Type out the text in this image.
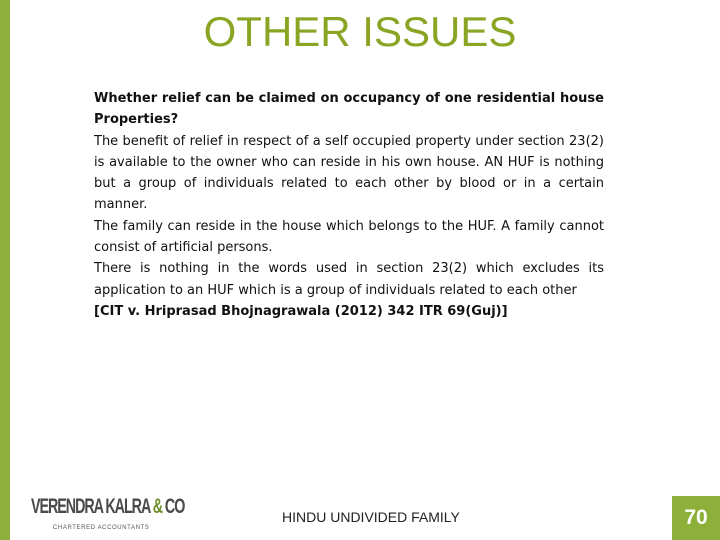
OTHER ISSUES

Whether relief can be claimed on occupancy of one residential house Properties?

The benefit of relief in respect of a self occupied property under section 23(2) is available to the owner who can reside in his own house. AN HUF is nothing but a group of individuals related to each other by blood or in a certain manner.

The family can reside in the house which belongs to the HUF. A family cannot consist of artificial persons.

There is nothing in the words used in section 23(2) which excludes its application to an HUF which is a group of individuals related to each other

[CIT v. Hriprasad Bhojnagrawala (2012) 342 ITR 69(Guj)]

VERENDRA KALRA & CO
CHARTERED ACCOUNTANTS
HINDU UNDIVIDED FAMILY	70
